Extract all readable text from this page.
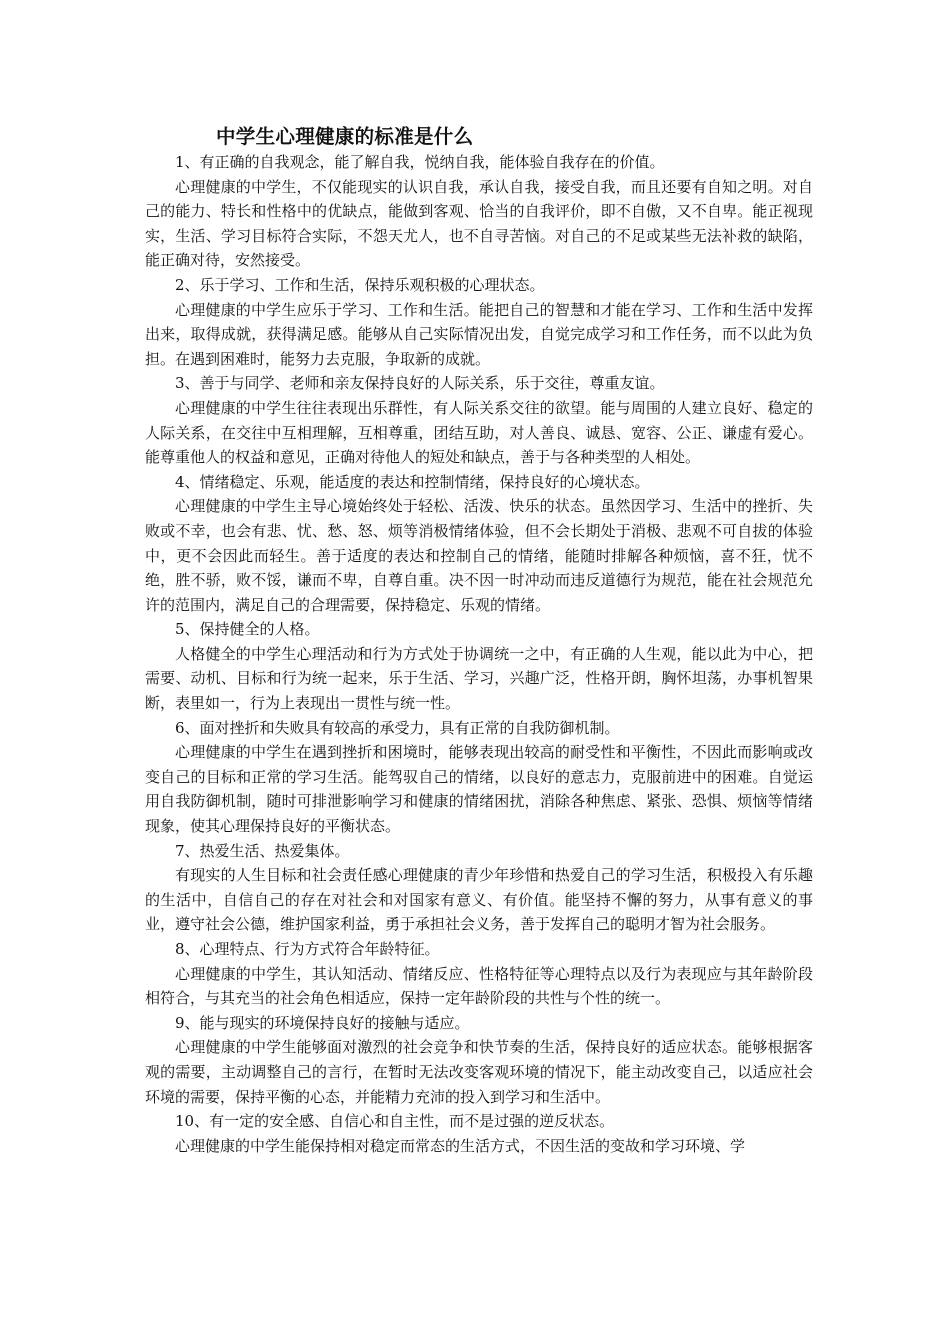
中学生心理健康的标准是什么

1、有正确的自我观念，能了解自我，悦纳自我，能体验自我存在的价值。

心理健康的中学生，不仅能现实的认识自我，承认自我，接受自我，而且还要有自知之明。对自己的能力、特长和性格中的优缺点，能做到客观、恰当的自我评价，即不自傲，又不自卑。能正视现实，生活、学习目标符合实际，不怨天尤人，也不自寻苦恼。对自己的不足或某些无法补救的缺陷，能正确对待，安然接受。

2、乐于学习、工作和生活，保持乐观积极的心理状态。

心理健康的中学生应乐于学习、工作和生活。能把自己的智慧和才能在学习、工作和生活中发挥出来，取得成就，获得满足感。能够从自己实际情况出发，自觉完成学习和工作任务，而不以此为负担。在遇到困难时，能努力去克服，争取新的成就。

3、善于与同学、老师和亲友保持良好的人际关系，乐于交往，尊重友谊。

心理健康的中学生往往表现出乐群性，有人际关系交往的欲望。能与周围的人建立良好、稳定的人际关系，在交往中互相理解，互相尊重，团结互助，对人善良、诚恳、宽容、公正、谦虚有爱心。能尊重他人的权益和意见，正确对待他人的短处和缺点，善于与各种类型的人相处。

4、情绪稳定、乐观，能适度的表达和控制情绪，保持良好的心境状态。

心理健康的中学生主导心境始终处于轻松、活泼、快乐的状态。虽然因学习、生活中的挫折、失败或不幸，也会有悲、忧、愁、怒、烦等消极情绪体验，但不会长期处于消极、悲观不可自拔的体验中，更不会因此而轻生。善于适度的表达和控制自己的情绪，能随时排解各种烦恼，喜不狂，忧不绝，胜不骄，败不馁，谦而不卑，自尊自重。决不因一时冲动而违反道德行为规范，能在社会规范允许的范围内，满足自己的合理需要，保持稳定、乐观的情绪。

5、保持健全的人格。

人格健全的中学生心理活动和行为方式处于协调统一之中，有正确的人生观，能以此为中心，把需要、动机、目标和行为统一起来，乐于生活、学习，兴趣广泛，性格开朗，胸怀坦荡，办事机智果断，表里如一，行为上表现出一贯性与统一性。

6、面对挫折和失败具有较高的承受力，具有正常的自我防御机制。

心理健康的中学生在遇到挫折和困境时，能够表现出较高的耐受性和平衡性，不因此而影响或改变自己的目标和正常的学习生活。能驾驭自己的情绪，以良好的意志力，克服前进中的困难。自觉运用自我防御机制，随时可排泄影响学习和健康的情绪困扰，消除各种焦虑、紧张、恐惧、烦恼等情绪现象，使其心理保持良好的平衡状态。

7、热爱生活、热爱集体。

有现实的人生目标和社会责任感心理健康的青少年珍惜和热爱自己的学习生活，积极投入有乐趣的生活中，自信自己的存在对社会和对国家有意义、有价值。能坚持不懈的努力，从事有意义的事业，遵守社会公德，维护国家利益，勇于承担社会义务，善于发挥自己的聪明才智为社会服务。

8、心理特点、行为方式符合年龄特征。

心理健康的中学生，其认知活动、情绪反应、性格特征等心理特点以及行为表现应与其年龄阶段相符合，与其充当的社会角色相适应，保持一定年龄阶段的共性与个性的统一。

9、能与现实的环境保持良好的接触与适应。

心理健康的中学生能够面对激烈的社会竞争和快节奏的生活，保持良好的适应状态。能够根据客观的需要，主动调整自己的言行，在暂时无法改变客观环境的情况下，能主动改变自己，以适应社会环境的需要，保持平衡的心态，并能精力充沛的投入到学习和生活中。

10、有一定的安全感、自信心和自主性，而不是过强的逆反状态。

心理健康的中学生能保持相对稳定而常态的生活方式，不因生活的变故和学习环境、学
